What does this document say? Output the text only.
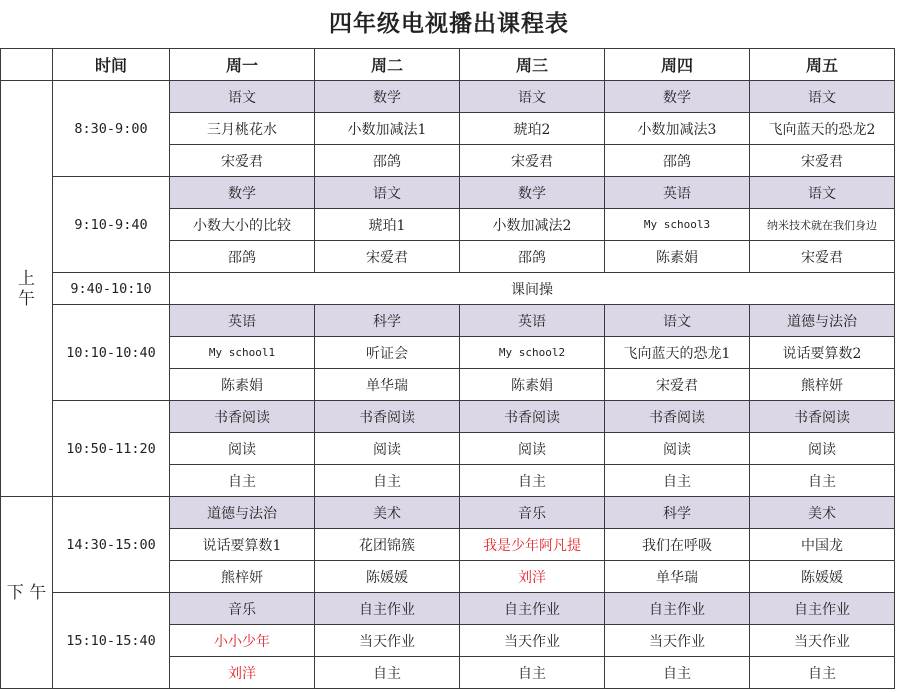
四年级电视播出课程表
	时间	周一	周二	周三	周四	周五
上
午	8:30-9:00	语文	数学	语文	数学	语文
		三月桃花水	小数加减法1	琥珀2	小数加减法3	飞向蓝天的恐龙2
		宋爱君	邵鸽	宋爱君	邵鸽	宋爱君
	9:10-9:40	数学	语文	数学	英语	语文
		小数大小的比较	琥珀1	小数加减法2	My school3	纳米技术就在我们身边
		邵鸽	宋爱君	邵鸽	陈素娟	宋爱君
	9:40-10:10	课间操				
	10:10-10:40	英语	科学	英语	语文	道德与法治
		My school1	听证会	My school2	飞向蓝天的恐龙1	说话要算数2
		陈素娟	单华瑞	陈素娟	宋爱君	熊梓妍
	10:50-11:20	书香阅读	书香阅读	书香阅读	书香阅读	书香阅读
		阅读	阅读	阅读	阅读	阅读
		自主	自主	自主	自主	自主
下 午	14:30-15:00	道德与法治	美术	音乐	科学	美术
		说话要算数1	花团锦簇	我是少年阿凡提	我们在呼吸	中国龙
		熊梓妍	陈媛媛	刘洋	单华瑞	陈媛媛
	15:10-15:40	音乐	自主作业	自主作业	自主作业	自主作业
		小小少年	当天作业	当天作业	当天作业	当天作业
		刘洋	自主	自主	自主	自主
